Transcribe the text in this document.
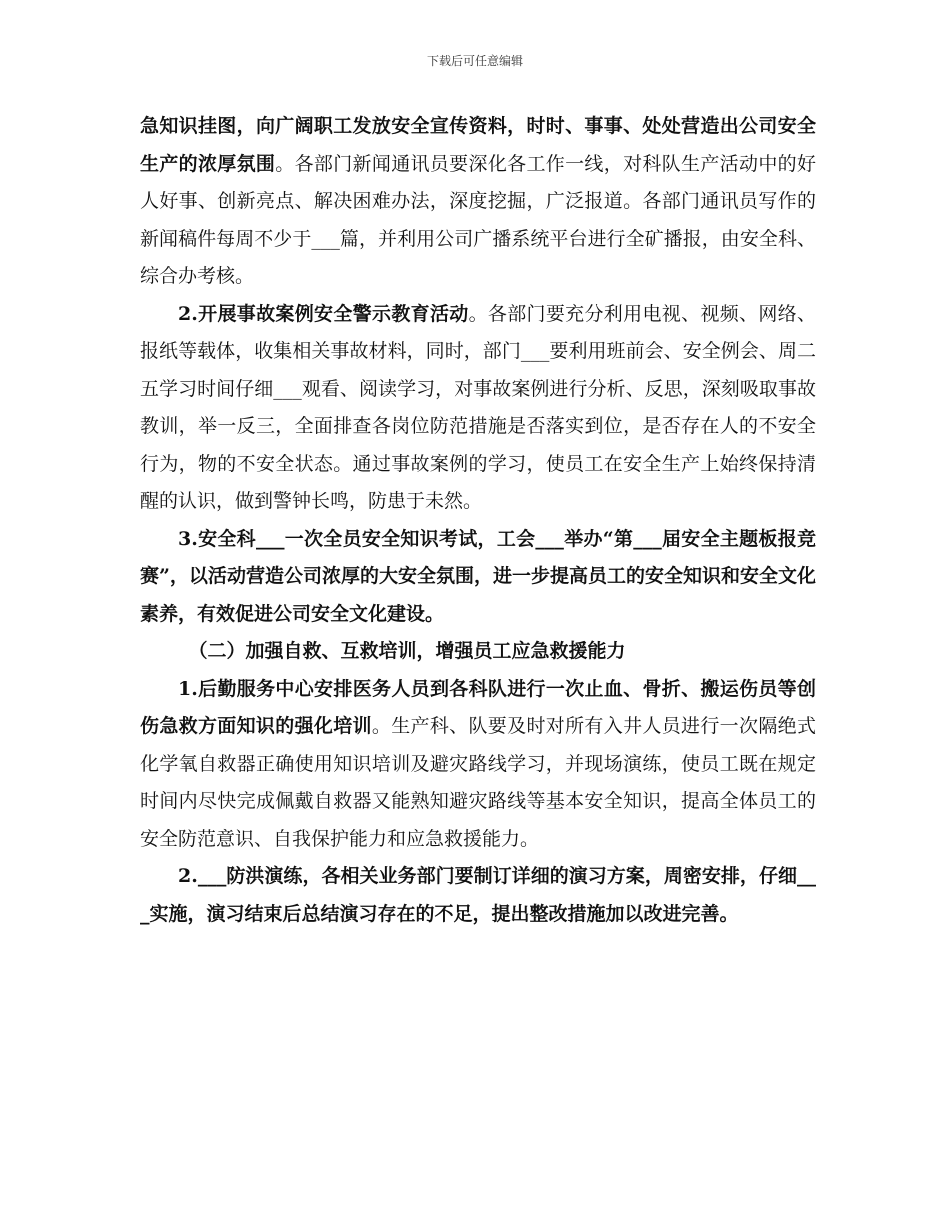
下载后可任意编辑

急知识挂图，向广阔职工发放安全宣传资料，时时、事事、处处营造出公司安全生产的浓厚氛围。各部门新闻通讯员要深化各工作一线，对科队生产活动中的好人好事、创新亮点、解决困难办法，深度挖掘，广泛报道。各部门通讯员写作的新闻稿件每周不少于___篇，并利用公司广播系统平台进行全矿播报，由安全科、综合办考核。

2.开展事故案例安全警示教育活动。各部门要充分利用电视、视频、网络、报纸等载体，收集相关事故材料，同时，部门___要利用班前会、安全例会、周二五学习时间仔细___观看、阅读学习，对事故案例进行分析、反思，深刻吸取事故教训，举一反三，全面排查各岗位防范措施是否落实到位，是否存在人的不安全行为，物的不安全状态。通过事故案例的学习，使员工在安全生产上始终保持清醒的认识，做到警钟长鸣，防患于未然。

3.安全科___一次全员安全知识考试，工会___举办“第___届安全主题板报竞赛”，以活动营造公司浓厚的大安全氛围，进一步提高员工的安全知识和安全文化素养，有效促进公司安全文化建设。

（二）加强自救、互救培训，增强员工应急救援能力

1.后勤服务中心安排医务人员到各科队进行一次止血、骨折、搬运伤员等创伤急救方面知识的强化培训。生产科、队要及时对所有入井人员进行一次隔绝式化学氧自救器正确使用知识培训及避灾路线学习，并现场演练，使员工既在规定时间内尽快完成佩戴自救器又能熟知避灾路线等基本安全知识，提高全体员工的安全防范意识、自我保护能力和应急救援能力。

2.___防洪演练，各相关业务部门要制订详细的演习方案，周密安排，仔细___实施，演习结束后总结演习存在的不足，提出整改措施加以改进完善。
